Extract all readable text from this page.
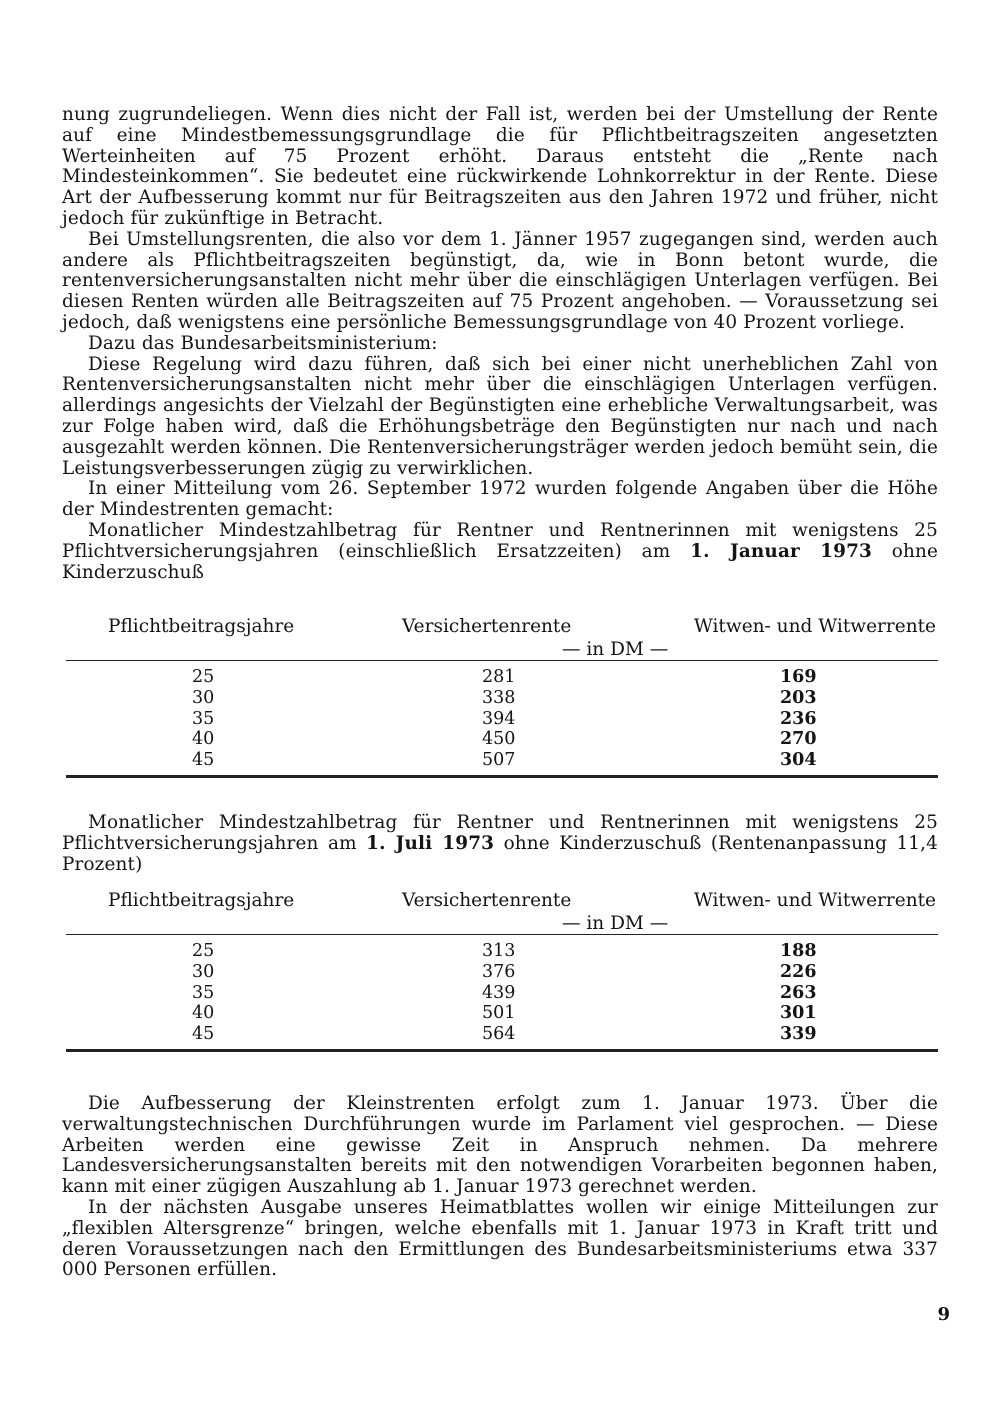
nung zugrundeliegen. Wenn dies nicht der Fall ist, werden bei der Umstellung der Rente auf eine Mindestbemessungsgrundlage die für Pflichtbeitragszeiten angesetzten Werteinheiten auf 75 Prozent erhöht. Daraus entsteht die „Rente nach Mindesteinkommen“. Sie bedeutet eine rückwirkende Lohnkorrektur in der Rente. Diese Art der Aufbesserung kommt nur für Beitragszeiten aus den Jahren 1972 und früher, nicht jedoch für zukünftige in Betracht.

Bei Umstellungsrenten, die also vor dem 1. Jänner 1957 zugegangen sind, werden auch andere als Pflichtbeitragszeiten begünstigt, da, wie in Bonn betont wurde, die rentenversicherungsanstalten nicht mehr über die einschlägigen Unterlagen verfügen. Bei diesen Renten würden alle Beitragszeiten auf 75 Prozent angehoben. — Voraussetzung sei jedoch, daß wenigstens eine persönliche Bemessungsgrundlage von 40 Prozent vorliege.

Dazu das Bundesarbeitsministerium:

Diese Regelung wird dazu führen, daß sich bei einer nicht unerheblichen Zahl von Rentenversicherungsanstalten nicht mehr über die einschlägigen Unterlagen verfügen. allerdings angesichts der Vielzahl der Begünstigten eine erhebliche Verwaltungsarbeit, was zur Folge haben wird, daß die Erhöhungsbeträge den Begünstigten nur nach und nach ausgezahlt werden können. Die Rentenversicherungsträger werden jedoch bemüht sein, die Leistungsverbesserungen zügig zu verwirklichen.

In einer Mitteilung vom 26. September 1972 wurden folgende Angaben über die Höhe der Mindestrenten gemacht:

Monatlicher Mindestzahlbetrag für Rentner und Rentnerinnen mit wenigstens 25 Pflichtversicherungsjahren (einschließlich Ersatzzeiten) am 1. Januar 1973 ohne Kinderzuschuß

Pflichtbeitragsjahre	Versichertenrente	Witwen- und Witwerrente
— in DM —
25	281	169
30	338	203
35	394	236
40	450	270
45	507	304

Monatlicher Mindestzahlbetrag für Rentner und Rentnerinnen mit wenigstens 25 Pflichtversicherungsjahren am 1. Juli 1973 ohne Kinderzuschuß (Rentenanpassung 11,4 Prozent)

Pflichtbeitragsjahre	Versichertenrente	Witwen- und Witwerrente
— in DM —
25	313	188
30	376	226
35	439	263
40	501	301
45	564	339

Die Aufbesserung der Kleinstrenten erfolgt zum 1. Januar 1973. Über die verwaltungstechnischen Durchführungen wurde im Parlament viel gesprochen. — Diese Arbeiten werden eine gewisse Zeit in Anspruch nehmen. Da mehrere Landesversicherungsanstalten bereits mit den notwendigen Vorarbeiten begonnen haben, kann mit einer zügigen Auszahlung ab 1. Januar 1973 gerechnet werden.

In der nächsten Ausgabe unseres Heimatblattes wollen wir einige Mitteilungen zur „flexiblen Altersgrenze“ bringen, welche ebenfalls mit 1. Januar 1973 in Kraft tritt und deren Voraussetzungen nach den Ermittlungen des Bundesarbeitsministeriums etwa 337 000 Personen erfüllen.

9
